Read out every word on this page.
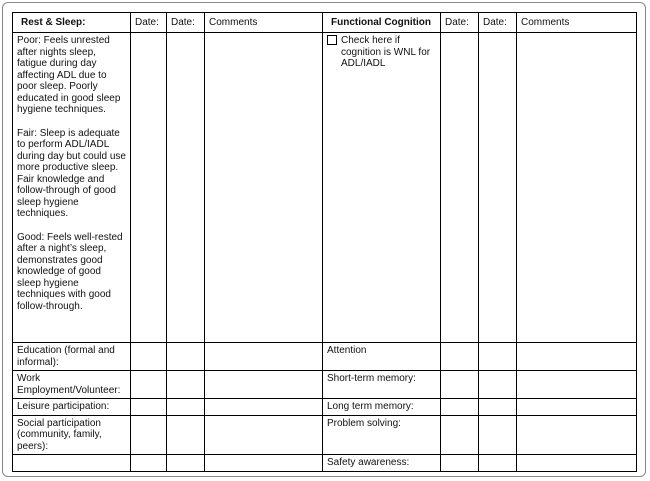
Rest & Sleep:	Date:	Date:	Comments	Functional Cognition	Date:	Date:	Comments

Poor: Feels unrested after nights sleep, fatigue during day affecting ADL due to poor sleep. Poorly educated in good sleep hygiene techniques.
Fair: Sleep is adequate to perform ADL/IADL during day but could use more productive sleep. Fair knowledge and follow-through of good sleep hygiene techniques.
Good: Feels well-rested after a night’s sleep, demonstrates good knowledge of good sleep hygiene techniques with good follow-through.				Check here if cognition is WNL for ADL/IADL			

Education (formal and informal):				Attention			
Work Employment/Volunteer:				Short-term memory:			
Leisure participation:				Long term memory:			
Social participation (community, family, peers):				Problem solving:			
				Safety awareness:			
